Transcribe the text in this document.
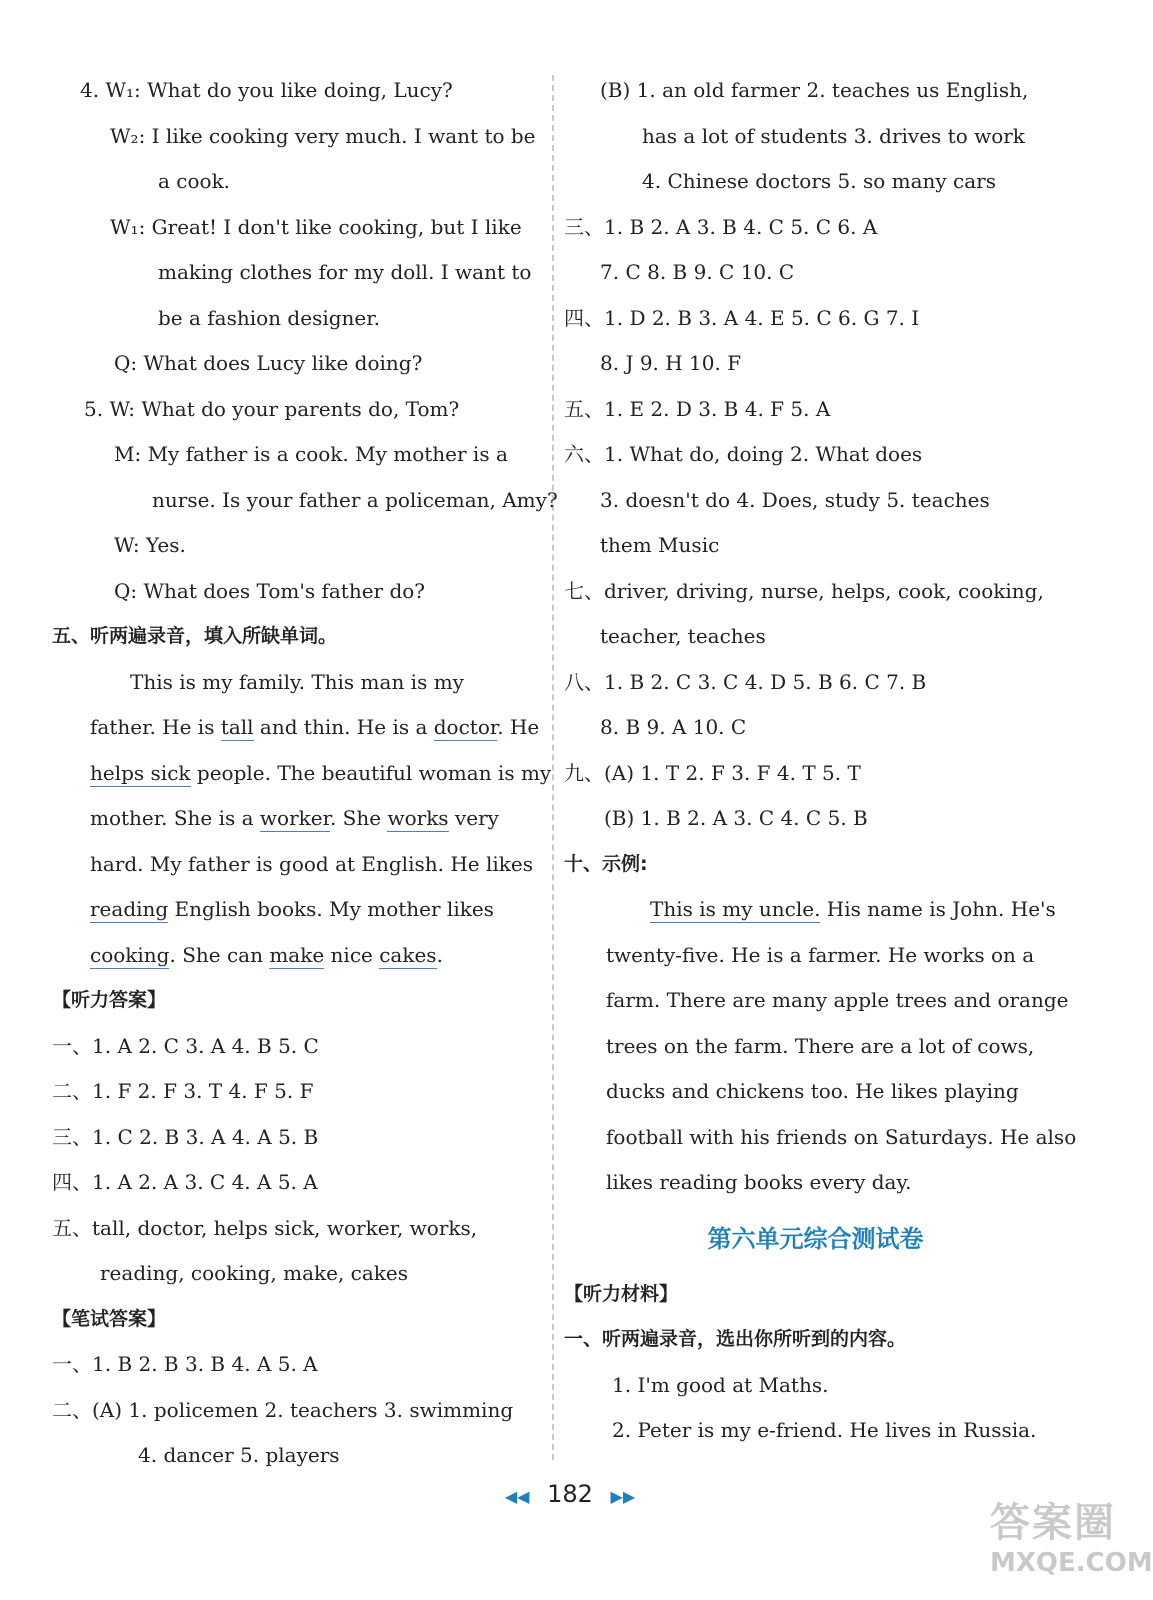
4. W₁: What do you like doing, Lucy?
W₂: I like cooking very much. I want to be
a cook.
W₁: Great! I don't like cooking, but I like
making clothes for my doll. I want to
be a fashion designer.
Q: What does Lucy like doing?
5. W: What do your parents do, Tom?
M: My father is a cook. My mother is a
nurse. Is your father a policeman, Amy?
W: Yes.
Q: What does Tom's father do?
五、听两遍录音，填入所缺单词。
This is my family. This man is my
father. He is tall and thin. He is a doctor. He
helps sick people. The beautiful woman is my
mother. She is a worker. She works very
hard. My father is good at English. He likes
reading English books. My mother likes
cooking. She can make nice cakes.
【听力答案】
一、1. A 2. C 3. A 4. B 5. C
二、1. F 2. F 3. T 4. F 5. F
三、1. C 2. B 3. A 4. A 5. B
四、1. A 2. A 3. C 4. A 5. A
五、tall, doctor, helps sick, worker, works,
reading, cooking, make, cakes
【笔试答案】
一、1. B 2. B 3. B 4. A 5. A
二、(A) 1. policemen 2. teachers 3. swimming
4. dancer 5. players
(B) 1. an old farmer 2. teaches us English,
has a lot of students 3. drives to work
4. Chinese doctors 5. so many cars
三、1. B 2. A 3. B 4. C 5. C 6. A
7. C 8. B 9. C 10. C
四、1. D 2. B 3. A 4. E 5. C 6. G 7. I
8. J 9. H 10. F
五、1. E 2. D 3. B 4. F 5. A
六、1. What do, doing 2. What does
3. doesn't do 4. Does, study 5. teaches
them Music
七、driver, driving, nurse, helps, cook, cooking,
teacher, teaches
八、1. B 2. C 3. C 4. D 5. B 6. C 7. B
8. B 9. A 10. C
九、(A) 1. T 2. F 3. F 4. T 5. T
(B) 1. B 2. A 3. C 4. C 5. B
十、示例:
This is my uncle. His name is John. He's
twenty-five. He is a farmer. He works on a
farm. There are many apple trees and orange
trees on the farm. There are a lot of cows,
ducks and chickens too. He likes playing
football with his friends on Saturdays. He also
likes reading books every day.
第六单元综合测试卷
【听力材料】
一、听两遍录音，选出你所听到的内容。
1. I'm good at Maths.
2. Peter is my e-friend. He lives in Russia.
◀◀ 182 ▶▶
答案圈
MXQE.COM
